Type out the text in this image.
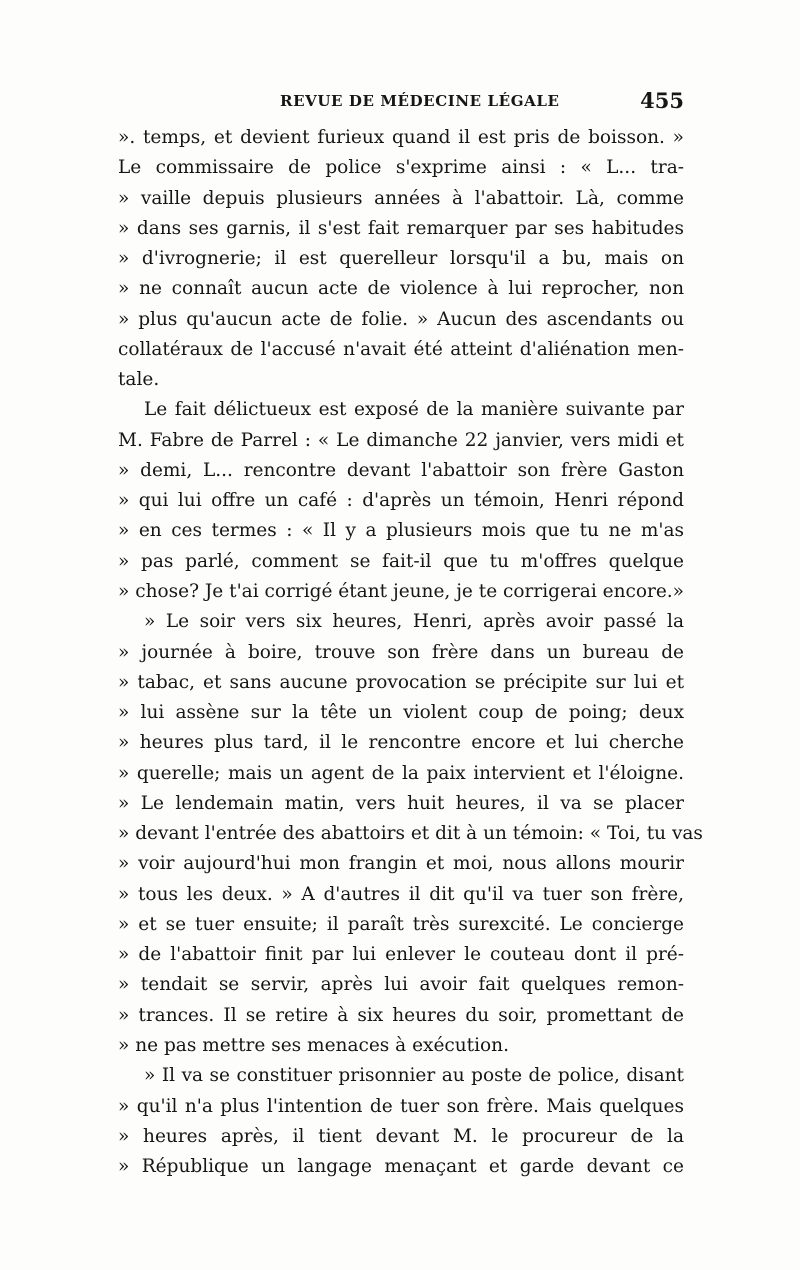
REVUE DE MÉDECINE LÉGALE	455
». temps, et devient furieux quand il est pris de boisson. »
Le commissaire de police s'exprime ainsi : « L... tra-
» vaille depuis plusieurs années à l'abattoir. Là, comme
» dans ses garnis, il s'est fait remarquer par ses habitudes
» d'ivrognerie; il est querelleur lorsqu'il a bu, mais on
» ne connaît aucun acte de violence à lui reprocher, non
» plus qu'aucun acte de folie. » Aucun des ascendants ou
collatéraux de l'accusé n'avait été atteint d'aliénation men-
tale.
Le fait délictueux est exposé de la manière suivante par
M. Fabre de Parrel : « Le dimanche 22 janvier, vers midi et
» demi, L... rencontre devant l'abattoir son frère Gaston
» qui lui offre un café : d'après un témoin, Henri répond
» en ces termes : « Il y a plusieurs mois que tu ne m'as
» pas parlé, comment se fait-il que tu m'offres quelque
» chose? Je t'ai corrigé étant jeune, je te corrigerai encore.»
» Le soir vers six heures, Henri, après avoir passé la
» journée à boire, trouve son frère dans un bureau de
» tabac, et sans aucune provocation se précipite sur lui et
» lui assène sur la tête un violent coup de poing; deux
» heures plus tard, il le rencontre encore et lui cherche
» querelle; mais un agent de la paix intervient et l'éloigne.
» Le lendemain matin, vers huit heures, il va se placer
» devant l'entrée des abattoirs et dit à un témoin: « Toi, tu vas
» voir aujourd'hui mon frangin et moi, nous allons mourir
» tous les deux. » A d'autres il dit qu'il va tuer son frère,
» et se tuer ensuite; il paraît très surexcité. Le concierge
» de l'abattoir finit par lui enlever le couteau dont il pré-
» tendait se servir, après lui avoir fait quelques remon-
» trances. Il se retire à six heures du soir, promettant de
» ne pas mettre ses menaces à exécution.
» Il va se constituer prisonnier au poste de police, disant
» qu'il n'a plus l'intention de tuer son frère. Mais quelques
» heures après, il tient devant M. le procureur de la
» République un langage menaçant et garde devant ce
